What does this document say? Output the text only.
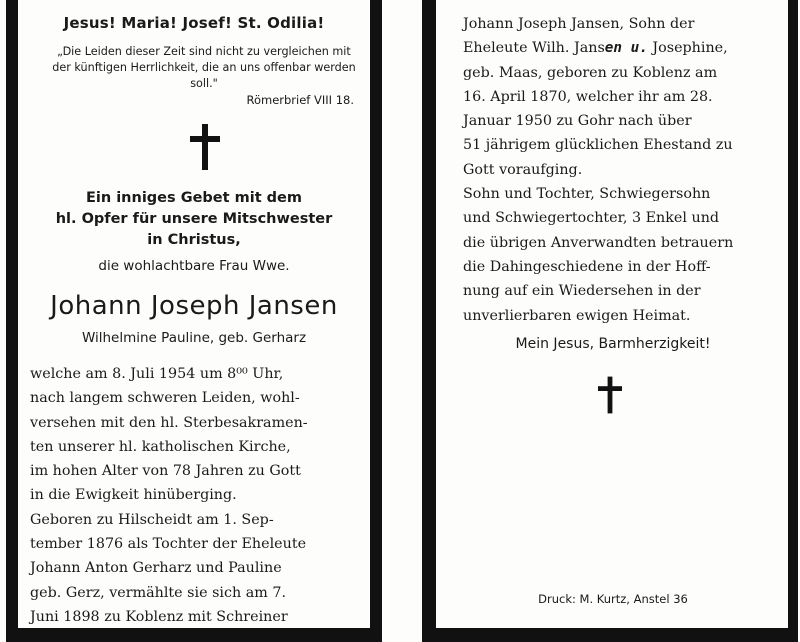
Jesus! Maria! Josef! St. Odilia!
„Die Leiden dieser Zeit sind nicht zu vergleichen mit der künftigen Herrlichkeit, die an uns offenbar werden soll."
Römerbrief VIII 18.
Ein inniges Gebet mit dem
hl. Opfer für unsere Mitschwester
in Christus,
die wohlachtbare Frau Wwe.
Johann Joseph Jansen
Wilhelmine Pauline, geb. Gerharz
welche am 8. Juli 1954 um 8⁰⁰ Uhr,
nach langem schweren Leiden, wohl-
versehen mit den hl. Sterbesakramen-
ten unserer hl. katholischen Kirche,
im hohen Alter von 78 Jahren zu Gott
in die Ewigkeit hinüberging.
Geboren zu Hilscheidt am 1. Sep-
tember 1876 als Tochter der Eheleute
Johann Anton Gerharz und Pauline
geb. Gerz, vermählte sie sich am 7.
Juni 1898 zu Koblenz mit Schreiner
Johann Joseph Jansen, Sohn der
Eheleute Wilh. Jansen u. Josephine,
geb. Maas, geboren zu Koblenz am
16. April 1870, welcher ihr am 28.
Januar 1950 zu Gohr nach über
51 jährigem glücklichen Ehestand zu
Gott voraufging.
Sohn und Tochter, Schwiegersohn
und Schwiegertochter, 3 Enkel und
die übrigen Anverwandten betrauern
die Dahingeschiedene in der Hoff-
nung auf ein Wiedersehen in der
unverlierbaren ewigen Heimat.
Mein Jesus, Barmherzigkeit!
Druck: M. Kurtz, Anstel 36
